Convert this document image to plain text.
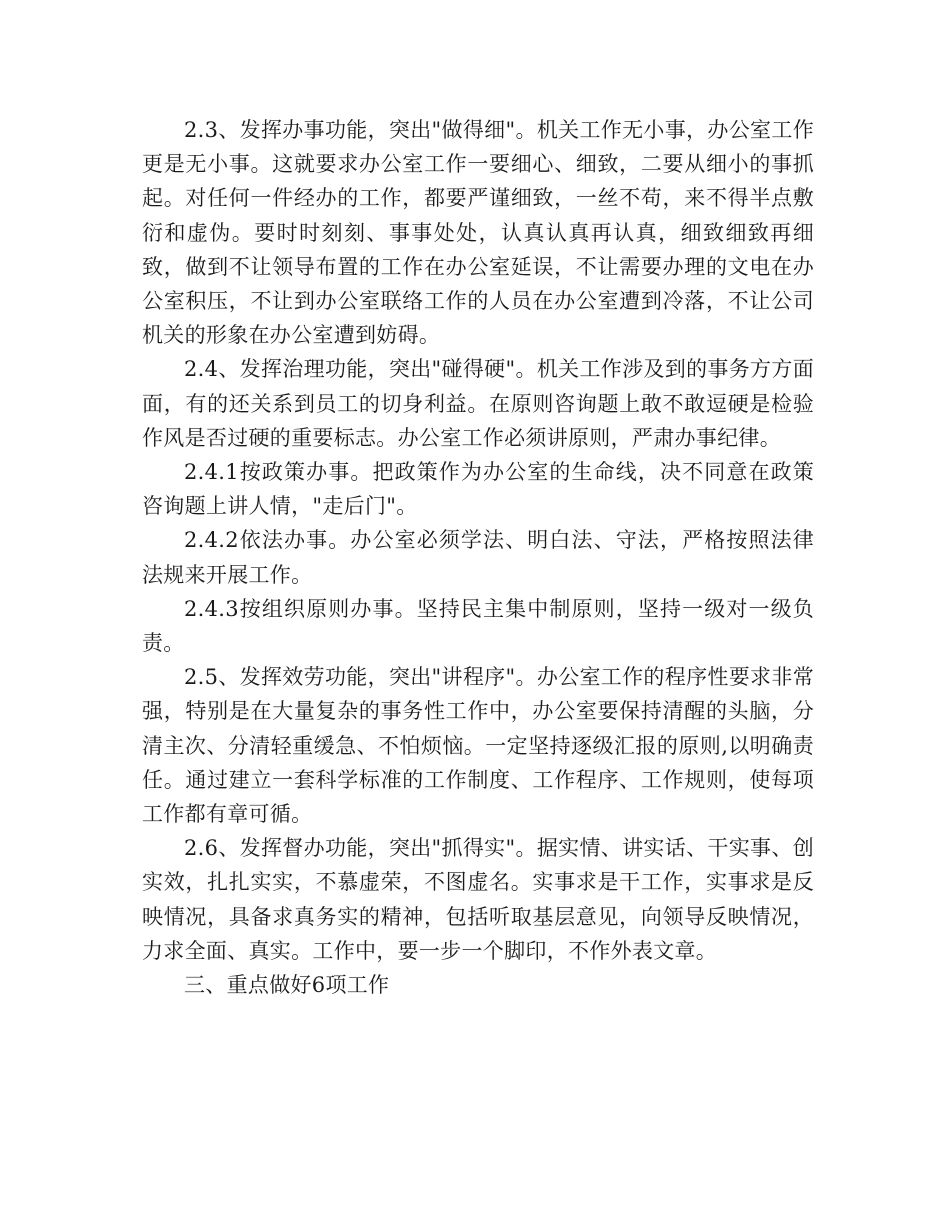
2.3、发挥办事功能，突出"做得细"。机关工作无小事，办公室工作更是无小事。这就要求办公室工作一要细心、细致，二要从细小的事抓起。对任何一件经办的工作，都要严谨细致，一丝不苟，来不得半点敷衍和虚伪。要时时刻刻、事事处处，认真认真再认真，细致细致再细致，做到不让领导布置的工作在办公室延误，不让需要办理的文电在办公室积压，不让到办公室联络工作的人员在办公室遭到冷落，不让公司机关的形象在办公室遭到妨碍。

2.4、发挥治理功能，突出"碰得硬"。机关工作涉及到的事务方方面面，有的还关系到员工的切身利益。在原则咨询题上敢不敢逗硬是检验作风是否过硬的重要标志。办公室工作必须讲原则，严肃办事纪律。

2.4.1按政策办事。把政策作为办公室的生命线，决不同意在政策咨询题上讲人情，"走后门"。

2.4.2依法办事。办公室必须学法、明白法、守法，严格按照法律法规来开展工作。

2.4.3按组织原则办事。坚持民主集中制原则，坚持一级对一级负责。

2.5、发挥效劳功能，突出"讲程序"。办公室工作的程序性要求非常强，特别是在大量复杂的事务性工作中，办公室要保持清醒的头脑，分清主次、分清轻重缓急、不怕烦恼。一定坚持逐级汇报的原则,以明确责任。通过建立一套科学标准的工作制度、工作程序、工作规则，使每项工作都有章可循。

2.6、发挥督办功能，突出"抓得实"。据实情、讲实话、干实事、创实效，扎扎实实，不慕虚荣，不图虚名。实事求是干工作，实事求是反映情况，具备求真务实的精神，包括听取基层意见，向领导反映情况，力求全面、真实。工作中，要一步一个脚印，不作外表文章。

三、重点做好6项工作
